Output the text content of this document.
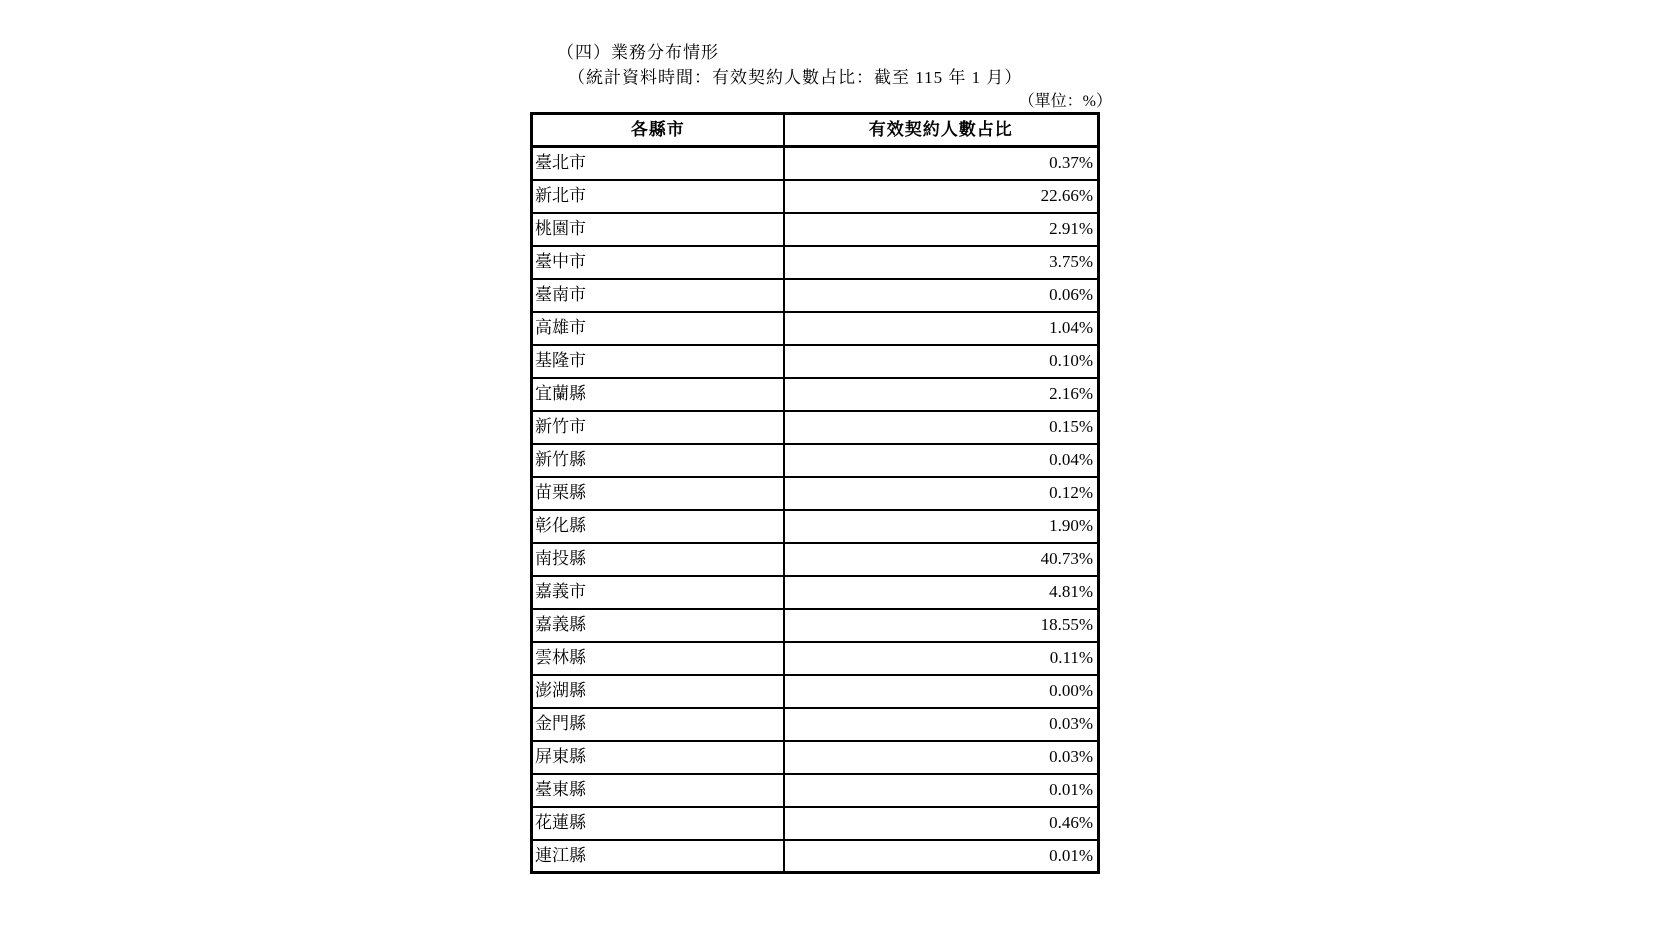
（四）業務分布情形
（統計資料時間：有效契約人數占比：截至 115 年 1 月）
（單位：%）
各縣市	有效契約人數占比
臺北市	0.37%
新北市	22.66%
桃園市	2.91%
臺中市	3.75%
臺南市	0.06%
高雄市	1.04%
基隆市	0.10%
宜蘭縣	2.16%
新竹市	0.15%
新竹縣	0.04%
苗栗縣	0.12%
彰化縣	1.90%
南投縣	40.73%
嘉義市	4.81%
嘉義縣	18.55%
雲林縣	0.11%
澎湖縣	0.00%
金門縣	0.03%
屏東縣	0.03%
臺東縣	0.01%
花蓮縣	0.46%
連江縣	0.01%
